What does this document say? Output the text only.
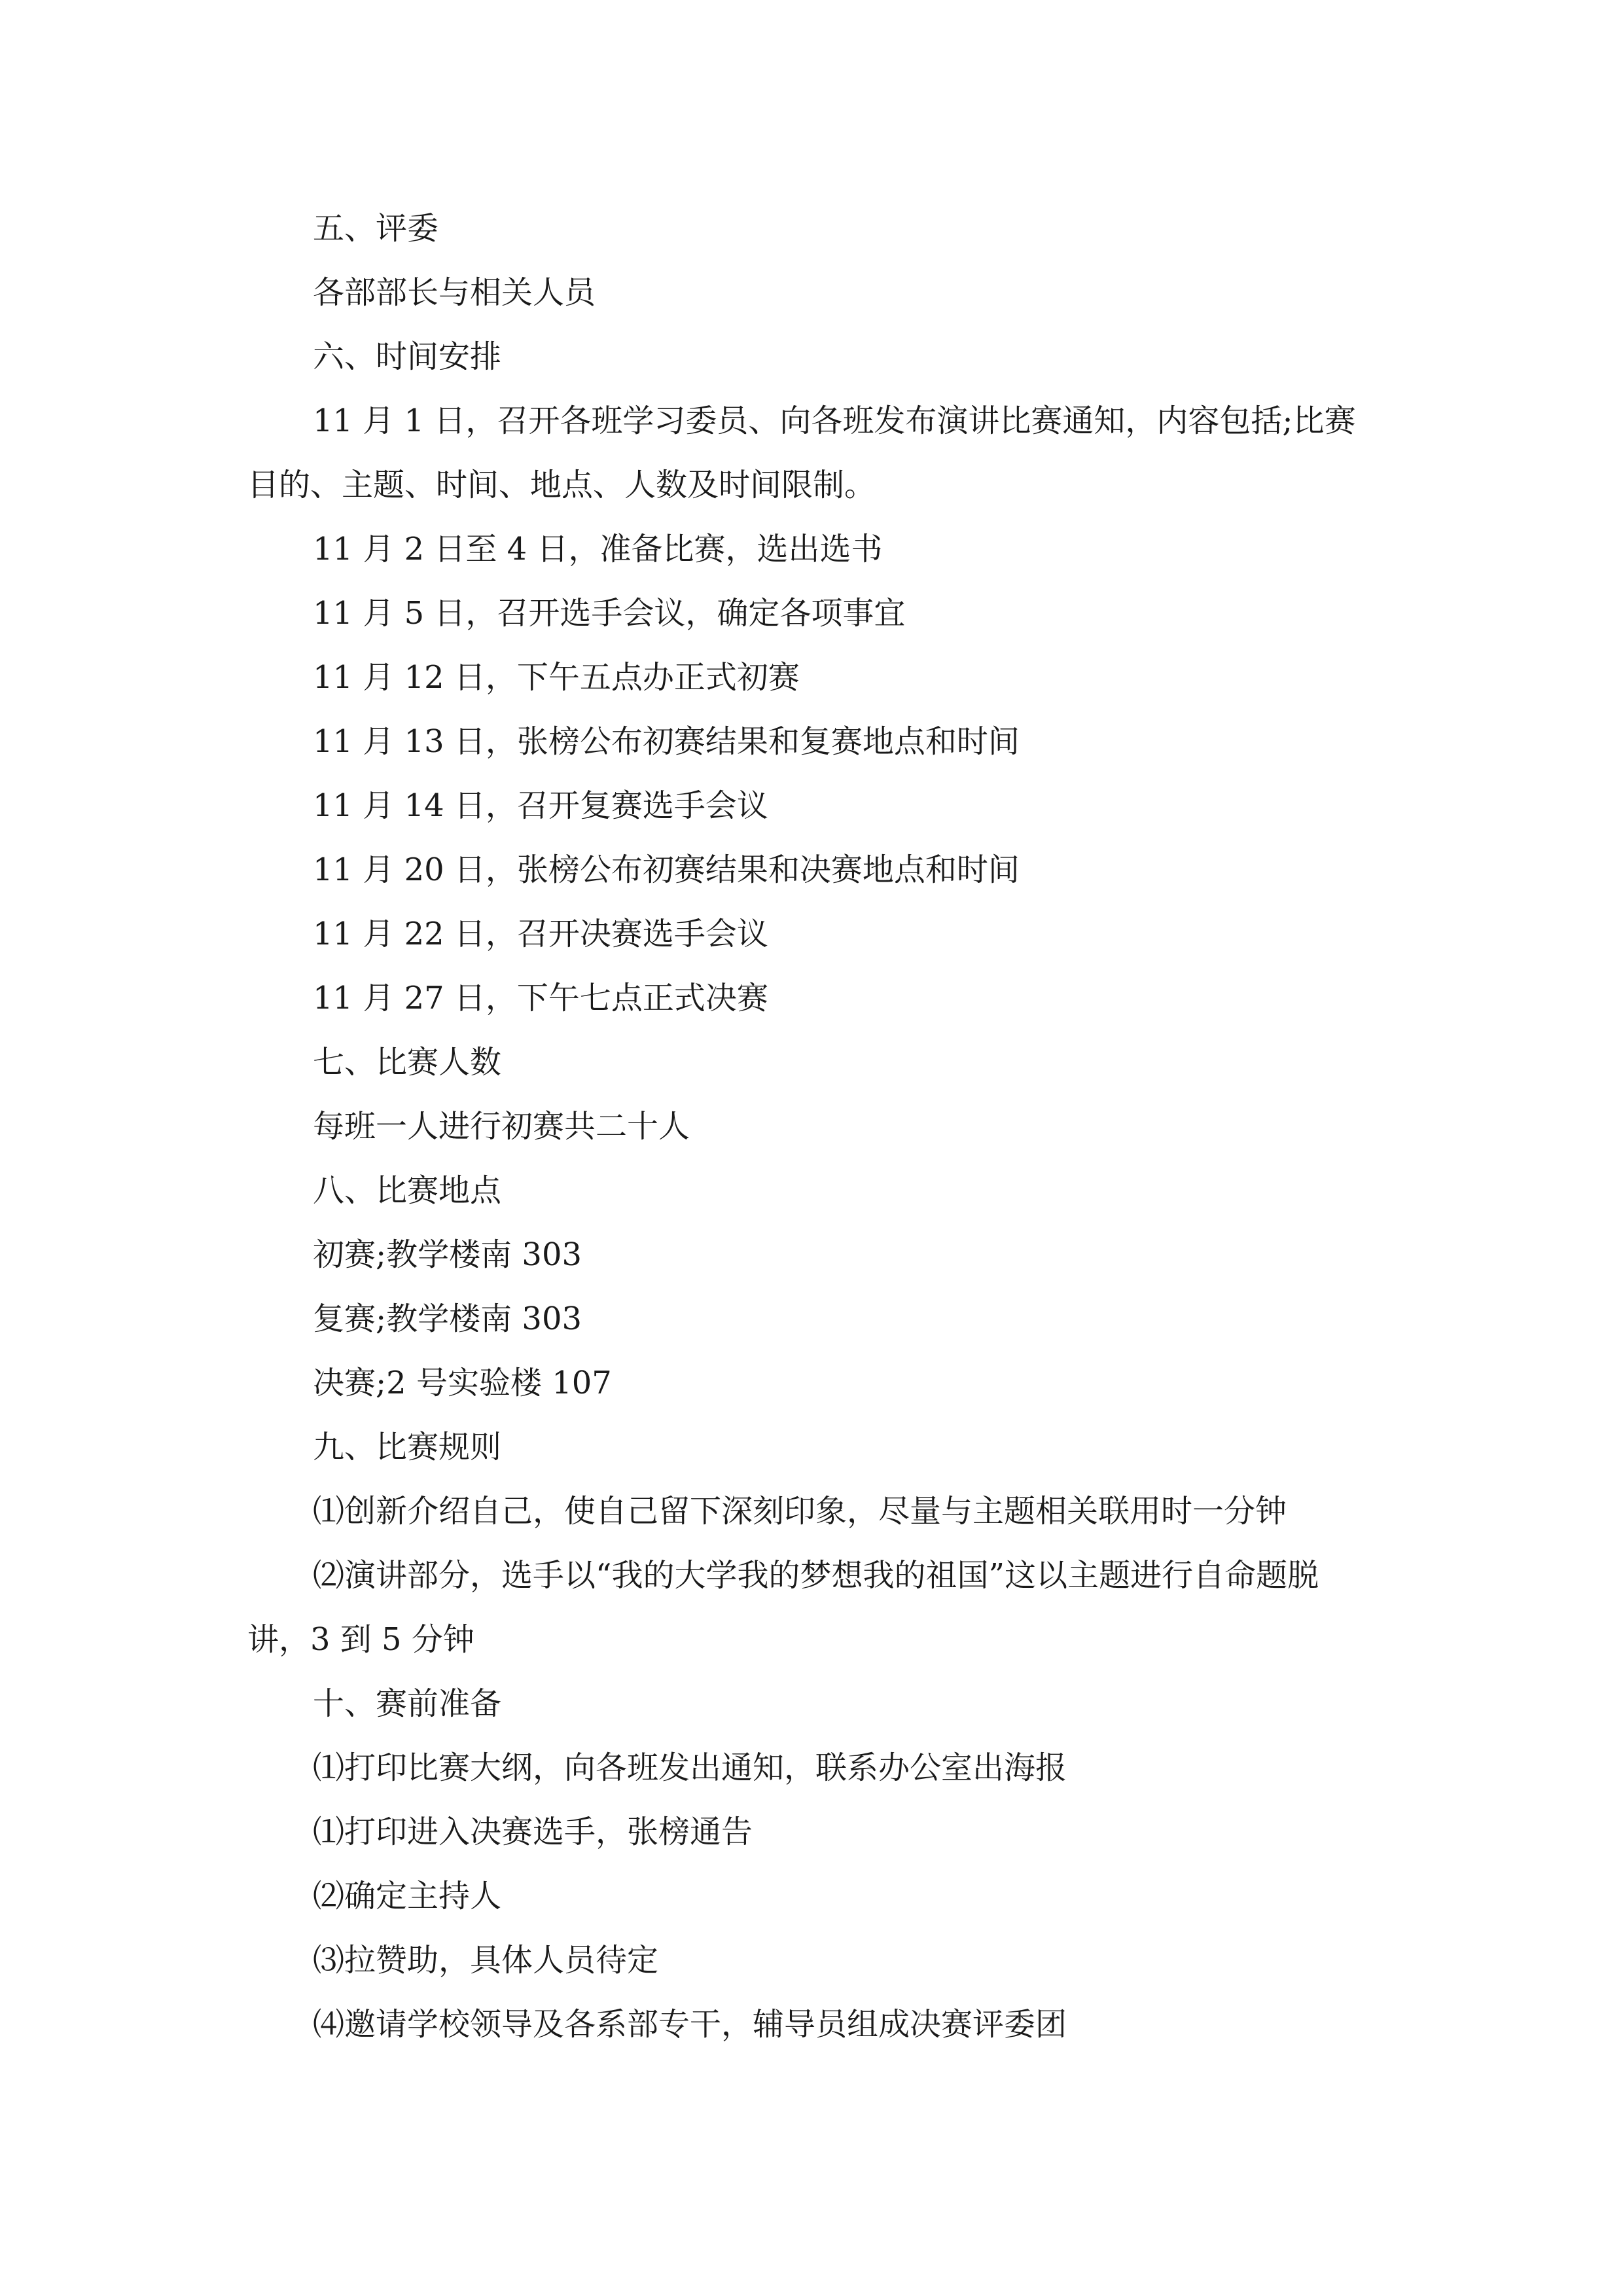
五、评委

各部部长与相关人员

六、时间安排

11 月 1 日，召开各班学习委员、向各班发布演讲比赛通知，内容包括;比赛目的、主题、时间、地点、人数及时间限制。

11 月 2 日至 4 日，准备比赛，选出选书

11 月 5 日，召开选手会议，确定各项事宜

11 月 12 日，下午五点办正式初赛

11 月 13 日，张榜公布初赛结果和复赛地点和时间

11 月 14 日，召开复赛选手会议

11 月 20 日，张榜公布初赛结果和决赛地点和时间

11 月 22 日，召开决赛选手会议

11 月 27 日，下午七点正式决赛

七、比赛人数

每班一人进行初赛共二十人

八、比赛地点

初赛;教学楼南 303

复赛;教学楼南 303

决赛;2 号实验楼 107

九、比赛规则

⑴创新介绍自己，使自己留下深刻印象，尽量与主题相关联用时一分钟

⑵演讲部分，选手以“我的大学我的梦想我的祖国”这以主题进行自命题脱讲，3 到 5 分钟

十、赛前准备

⑴打印比赛大纲，向各班发出通知，联系办公室出海报

⑴打印进入决赛选手，张榜通告

⑵确定主持人

⑶拉赞助，具体人员待定

⑷邀请学校领导及各系部专干，辅导员组成决赛评委团
